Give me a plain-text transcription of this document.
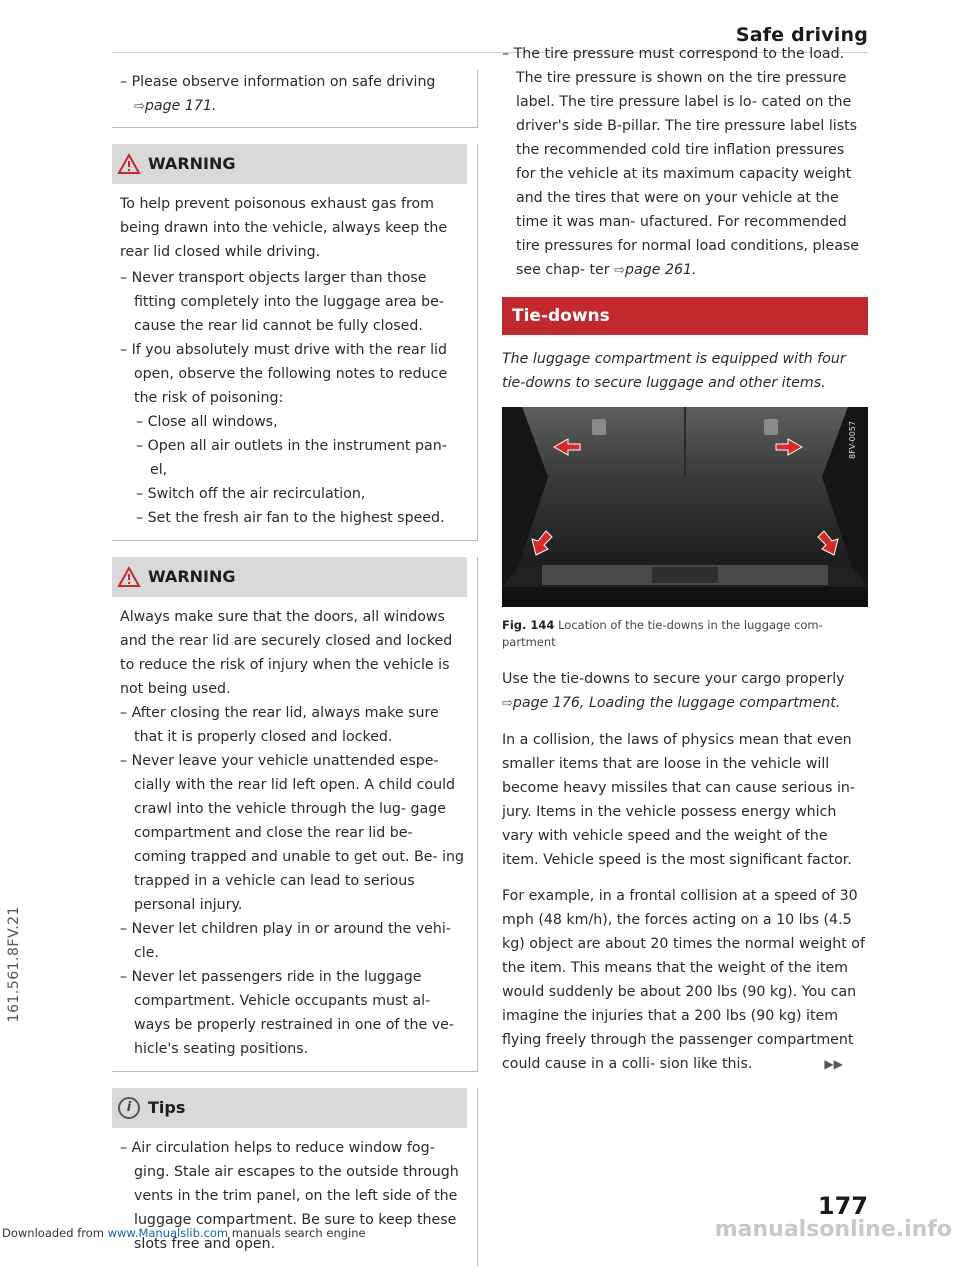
Safe driving
– Please observe information on safe driving
⇨page 171.
WARNING
To help prevent poisonous exhaust gas from being drawn into the vehicle, always keep the rear lid closed while driving.
– Never transport objects larger than those fitting completely into the luggage area be- cause the rear lid cannot be fully closed.
– If you absolutely must drive with the rear lid open, observe the following notes to reduce the risk of poisoning:
– Close all windows,
– Open all air outlets in the instrument pan- el,
– Switch off the air recirculation,
– Set the fresh air fan to the highest speed.
WARNING
Always make sure that the doors, all windows and the rear lid are securely closed and locked to reduce the risk of injury when the vehicle is not being used.
– After closing the rear lid, always make sure that it is properly closed and locked.
– Never leave your vehicle unattended espe- cially with the rear lid left open. A child could crawl into the vehicle through the lug- gage compartment and close the rear lid be- coming trapped and unable to get out. Be- ing trapped in a vehicle can lead to serious personal injury.
– Never let children play in or around the vehi- cle.
– Never let passengers ride in the luggage compartment. Vehicle occupants must al- ways be properly restrained in one of the ve- hicle's seating positions.
i	Tips
– Air circulation helps to reduce window fog- ging. Stale air escapes to the outside through vents in the trim panel, on the left side of the luggage compartment. Be sure to keep these slots free and open.
– The tire pressure must correspond to the load. The tire pressure is shown on the tire pressure label. The tire pressure label is lo- cated on the driver's side B-pillar. The tire pressure label lists the recommended cold tire inflation pressures for the vehicle at its maximum capacity weight and the tires that were on your vehicle at the time it was man- ufactured. For recommended tire pressures for normal load conditions, please see chap- ter ⇨page 261.
Tie-downs
The luggage compartment is equipped with four tie-downs to secure luggage and other items.
8FV-0057
Fig. 144 Location of the tie-downs in the luggage com- partment
Use the tie-downs to secure your cargo properly ⇨page 176, Loading the luggage compartment.
In a collision, the laws of physics mean that even smaller items that are loose in the vehicle will become heavy missiles that can cause serious in- jury. Items in the vehicle possess energy which vary with vehicle speed and the weight of the item. Vehicle speed is the most significant factor.
For example, in a frontal collision at a speed of 30 mph (48 km/h), the forces acting on a 10 lbs (4.5 kg) object are about 20 times the normal weight of the item. This means that the weight of the item would suddenly be about 200 lbs (90 kg). You can imagine the injuries that a 200 lbs (90 kg) item flying freely through the passenger compartment could cause in a colli- sion like this.	▶▶
161.561.8FV.21
177
Downloaded from www.Manualslib.com manuals search engine	manualsonline.info
